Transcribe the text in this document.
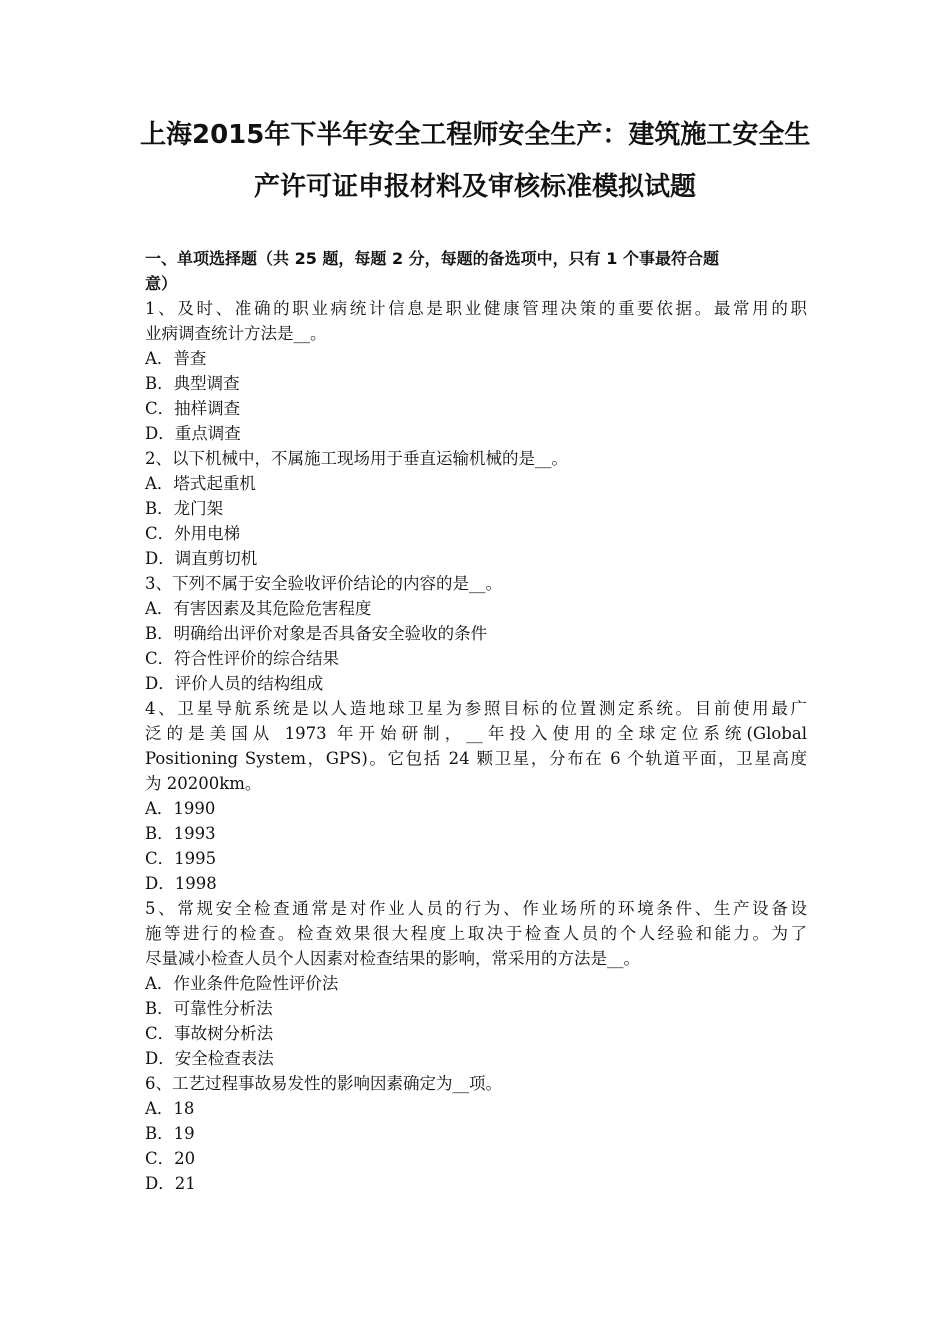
上海2015年下半年安全工程师安全生产：建筑施工安全生
产许可证申报材料及审核标准模拟试题
一、单项选择题（共 25 题，每题 2 分，每题的备选项中，只有 1 个事最符合题
意）
1、及时、准确的职业病统计信息是职业健康管理决策的重要依据。最常用的职
业病调查统计方法是__。
A．普查
B．典型调查
C．抽样调查
D．重点调查
2、以下机械中，不属施工现场用于垂直运输机械的是__。
A．塔式起重机
B．龙门架
C．外用电梯
D．调直剪切机
3、下列不属于安全验收评价结论的内容的是__。
A．有害因素及其危险危害程度
B．明确给出评价对象是否具备安全验收的条件
C．符合性评价的综合结果
D．评价人员的结构组成
4、卫星导航系统是以人造地球卫星为参照目标的位置测定系统。目前使用最广
泛的是美国从 1973 年开始研制，__年投入使用的全球定位系统(Global
Positioning System，GPS)。它包括 24 颗卫星，分布在 6 个轨道平面，卫星高度
为 20200km。
A．1990
B．1993
C．1995
D．1998
5、常规安全检查通常是对作业人员的行为、作业场所的环境条件、生产设备设
施等进行的检查。检查效果很大程度上取决于检查人员的个人经验和能力。为了
尽量减小检查人员个人因素对检查结果的影响，常采用的方法是__。
A．作业条件危险性评价法
B．可靠性分析法
C．事故树分析法
D．安全检查表法
6、工艺过程事故易发性的影响因素确定为__项。
A．18
B．19
C．20
D．21
